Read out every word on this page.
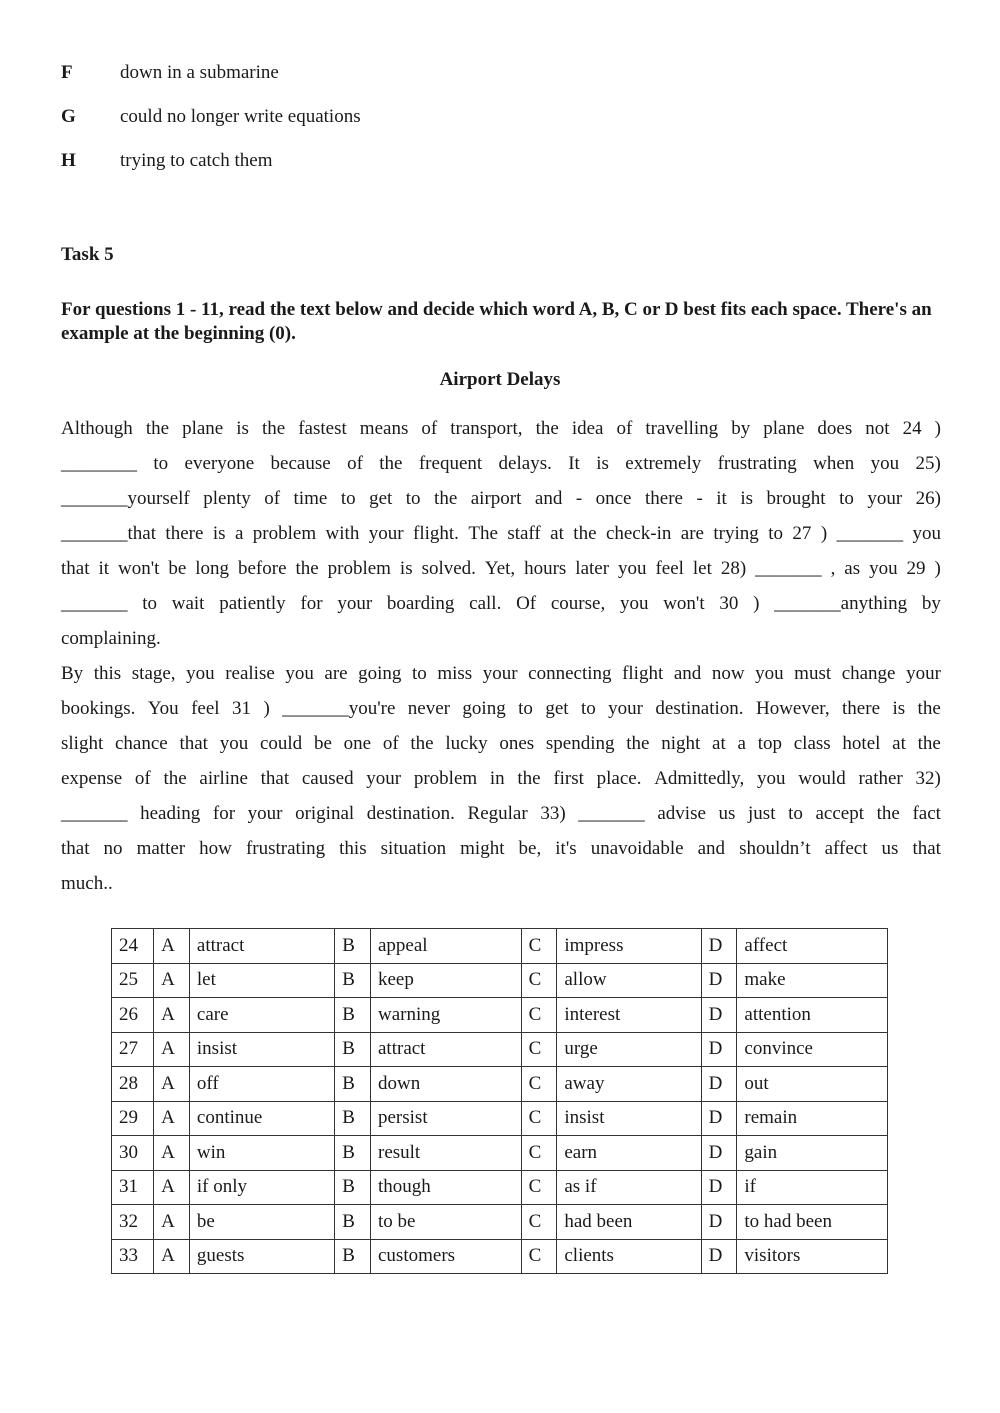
F	down in a submarine
G	could no longer write equations
H	trying to catch them
Task 5
For questions 1 - 11, read the text below and decide which word A, B, C or D best fits each space. There's an example at the beginning (0).
Airport Delays
Although the plane is the fastest means of transport, the idea of travelling by plane does not 24 )
________ to everyone because of the frequent delays. It is extremely frustrating when you 25)
_______yourself plenty of time to get to the airport and - once there - it is brought to your 26)
_______that there is a problem with your flight. The staff at the check-in are trying to 27 ) _______ you
that it won't be long before the problem is solved. Yet, hours later you feel let 28) _______ , as you 29 )
_______ to wait patiently for your boarding call. Of course, you won't 30 ) _______anything by
complaining.
By this stage, you realise you are going to miss your connecting flight and now you must change your
bookings. You feel 31 ) _______you're never going to get to your destination. However, there is the
slight chance that you could be one of the lucky ones spending the night at a top class hotel at the
expense of the airline that caused your problem in the first place. Admittedly, you would rather 32)
_______ heading for your original destination. Regular 33) _______ advise us just to accept the fact
that no matter how frustrating this situation might be, it's unavoidable and shouldn’t affect us that
much..
24	A	attract	B	appeal	C	impress	D	affect
25	A	let	B	keep	C	allow	D	make
26	A	care	B	warning	C	interest	D	attention
27	A	insist	B	attract	C	urge	D	convince
28	A	off	B	down	C	away	D	out
29	A	continue	B	persist	C	insist	D	remain
30	A	win	B	result	C	earn	D	gain
31	A	if only	B	though	C	as if	D	if
32	A	be	B	to be	C	had been	D	to had been
33	A	guests	B	customers	C	clients	D	visitors
